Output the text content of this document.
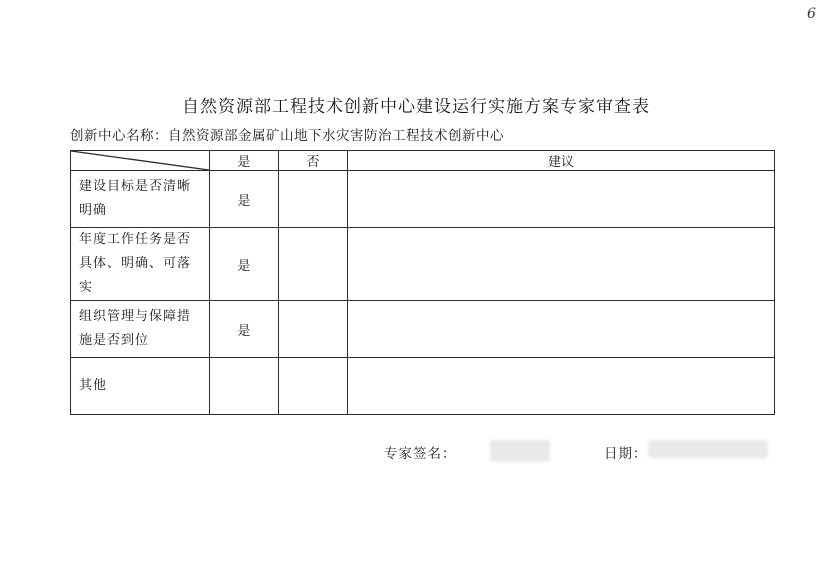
6
自然资源部工程技术创新中心建设运行实施方案专家审查表
创新中心名称：自然资源部金属矿山地下水灾害防治工程技术创新中心
	是	否	建议
建设目标是否清晰明确	是		
年度工作任务是否具体、明确、可落实	是		
组织管理与保障措施是否到位	是		
其他			
专家签名：	日期：
